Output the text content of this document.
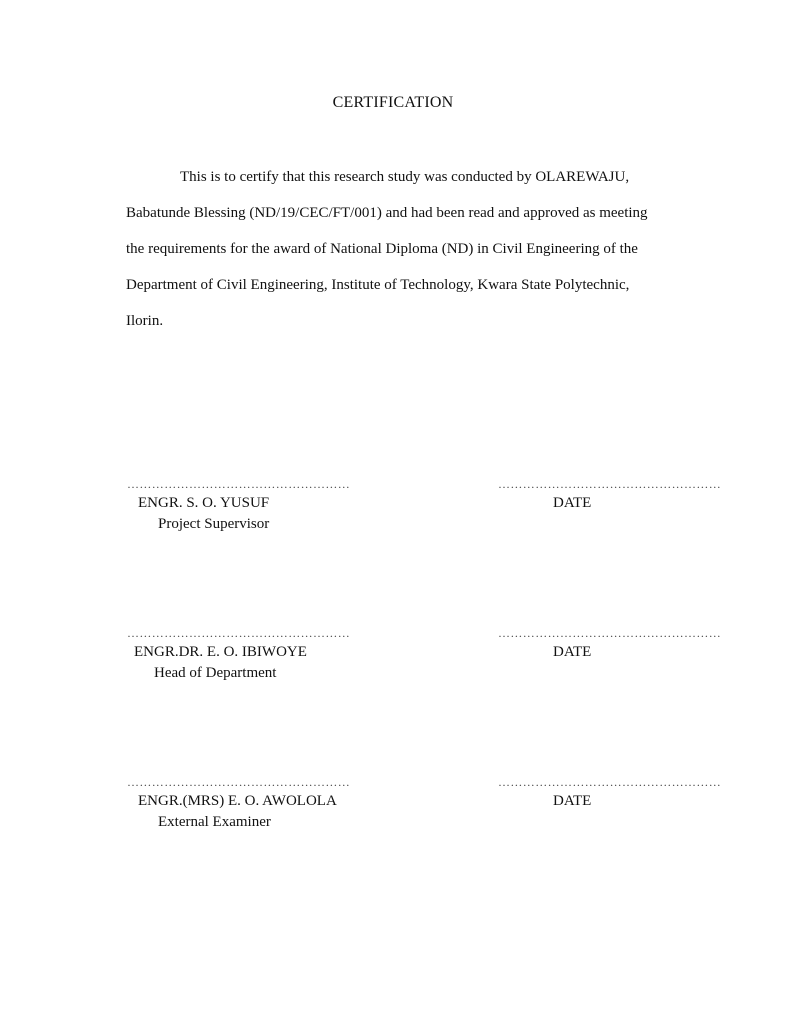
CERTIFICATION
This is to certify that this research study was conducted by OLAREWAJU,
Babatunde Blessing (ND/19/CEC/FT/001) and had been read and approved as meeting
the requirements for the award of National Diploma (ND) in Civil Engineering of the
Department of Civil Engineering, Institute of Technology, Kwara State Polytechnic,
Ilorin.
………………………………………………	………………………………………………
ENGR. S. O. YUSUF	DATE
Project Supervisor
………………………………………………	………………………………………………
ENGR.DR. E. O. IBIWOYE	DATE
Head of Department
………………………………………………	………………………………………………
ENGR.(MRS) E. O. AWOLOLA	DATE
External Examiner
